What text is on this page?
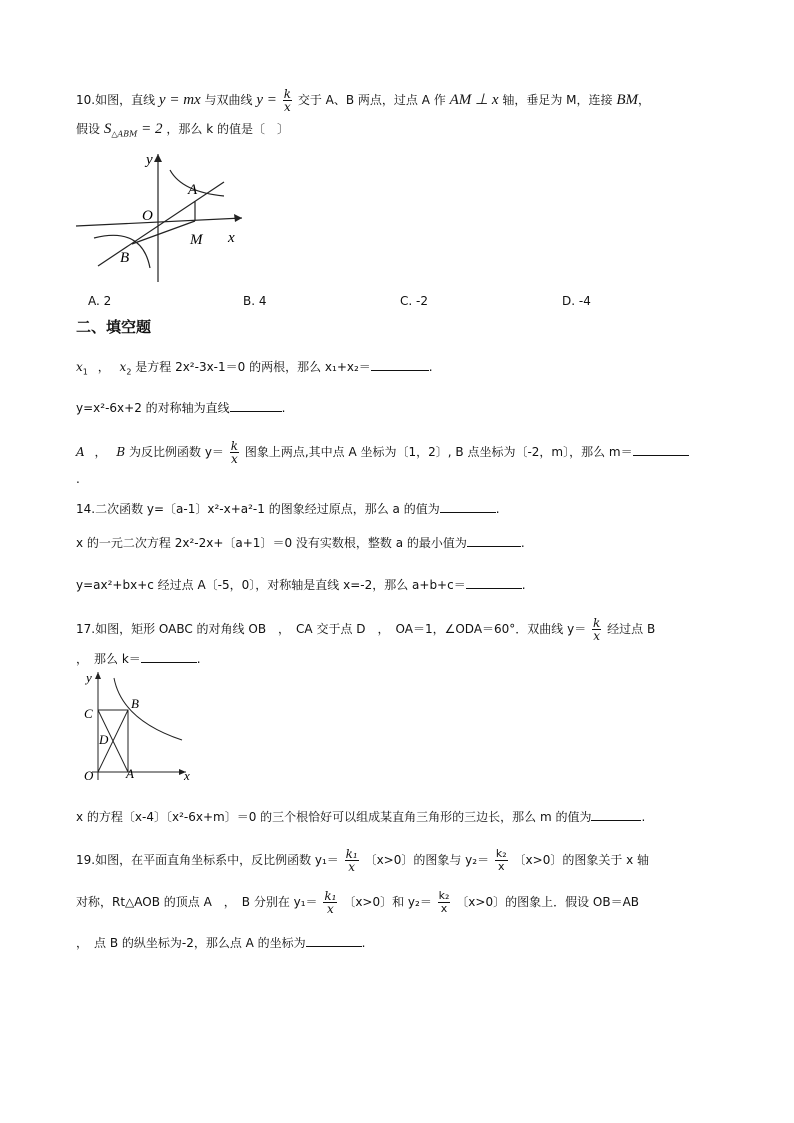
10.如图，直线 y = mx 与双曲线 $y = \frac{k}{x}$ 交于 A、B 两点，过点 A 作 AM ⊥ x 轴，垂足为 M，连接 BM，
假设 $S_{\triangle ABM} = 2$ ，那么 k 的值是〔　〕
x
y
O
A
B
M
A. 2	B. 4	C. -2	D. -4
二、填空题
$x_1$ ， $x_2$ 是方程 2x²-3x-1＝0 的两根，那么 x₁+x₂＝	.
y=x²-6x+2 的对称轴为直线	.
A ， B 为反比例函数 $y= \frac{k}{x}$ 图象上两点,其中点 A 坐标为〔1，2〕, B 点坐标为〔-2，m〕，那么 m＝
.
14.二次函数 y=〔a-1〕x²-x+a²-1 的图象经过原点，那么 a 的值为	.
x 的一元二次方程 2x²-2x+〔a+1〕＝0 没有实数根，整数 a 的最小值为	.
y=ax²+bx+c 经过点 A〔-5，0〕，对称轴是直线 x=-2，那么 a+b+c＝	.
17.如图，矩形 OABC 的对角线 OB　，　CA 交于点 D　，　OA＝1，∠ODA＝60°．双曲线 $y= \frac{k}{x}$ 经过点 B
，　那么 k＝	.
x
y
O	A
B
C
D
x 的方程〔x-4〕〔x²-6x+m〕＝0 的三个根恰好可以组成某直角三角形的三边长，那么 m 的值为	.
19.如图，在平面直角坐标系中，反比例函数 $y_1= \frac{\text{k₁}}{x}$ 〔x>0〕的图象与 $y_2= \frac{\text{k₂}}{x}$ 〔x>0〕的图象关于 x 轴
对称，Rt△AOB 的顶点 A　，　B 分别在 $y_1= \frac{\text{k₁}}{x}$ 〔x>0〕和 $y_2= \frac{\text{k₂}}{x}$ 〔x>0〕的图象上．假设 OB＝AB
，　点 B 的纵坐标为-2，那么点 A 的坐标为	.
